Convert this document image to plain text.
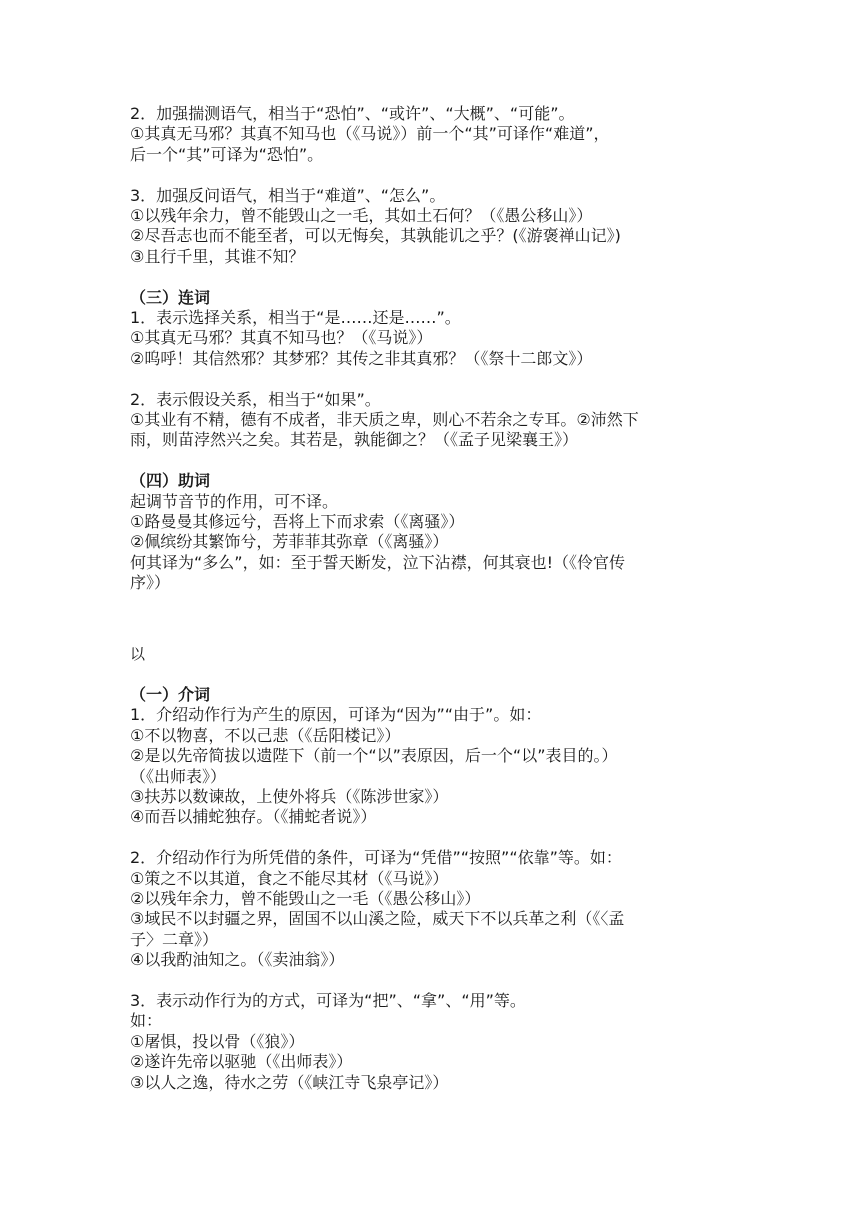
2．加强揣测语气，相当于“恐怕”、“或许”、“大概”、“可能”。
①其真无马邪？其真不知马也（《马说》）前一个“其”可译作“难道”，
后一个“其”可译为“恐怕”。
3．加强反问语气，相当于“难道”、“怎么”。
①以残年余力，曾不能毁山之一毛，其如土石何？（《愚公移山》）
②尽吾志也而不能至者，可以无悔矣，其孰能讥之乎？(《游褒禅山记》)
③且行千里，其谁不知？
（三）连词
1．表示选择关系，相当于“是……还是……”。
①其真无马邪？其真不知马也？（《马说》）
②呜呼！其信然邪？其梦邪？其传之非其真邪？（《祭十二郎文》）
2．表示假设关系，相当于“如果”。
①其业有不精，德有不成者，非天质之卑，则心不若余之专耳。②沛然下
雨，则苗浡然兴之矣。其若是，孰能御之？（《孟子见梁襄王》）
（四）助词
起调节音节的作用，可不译。
①路曼曼其修远兮，吾将上下而求索（《离骚》）
②佩缤纷其繁饰兮，芳菲菲其弥章（《离骚》）
何其译为“多么”，如：至于誓天断发，泣下沾襟，何其衰也!（《伶官传
序》）
以
（一）介词
1．介绍动作行为产生的原因，可译为“因为”“由于”。如：
①不以物喜，不以己悲（《岳阳楼记》）
②是以先帝简拔以遗陛下（前一个“以”表原因，后一个“以”表目的。）
（《出师表》）
③扶苏以数谏故，上使外将兵（《陈涉世家》）
④而吾以捕蛇独存。（《捕蛇者说》）
2．介绍动作行为所凭借的条件，可译为“凭借”“按照”“依靠”等。如：
①策之不以其道，食之不能尽其材（《马说》）
②以残年余力，曾不能毁山之一毛（《愚公移山》）
③域民不以封疆之界，固国不以山溪之险，威天下不以兵革之利（《〈孟
子〉二章》）
④以我酌油知之。（《卖油翁》）
3．表示动作行为的方式，可译为“把”、“拿”、“用”等。
如：
①屠惧，投以骨（《狼》）
②遂许先帝以驱驰（《出师表》）
③以人之逸，待水之劳（《峡江寺飞泉亭记》）
